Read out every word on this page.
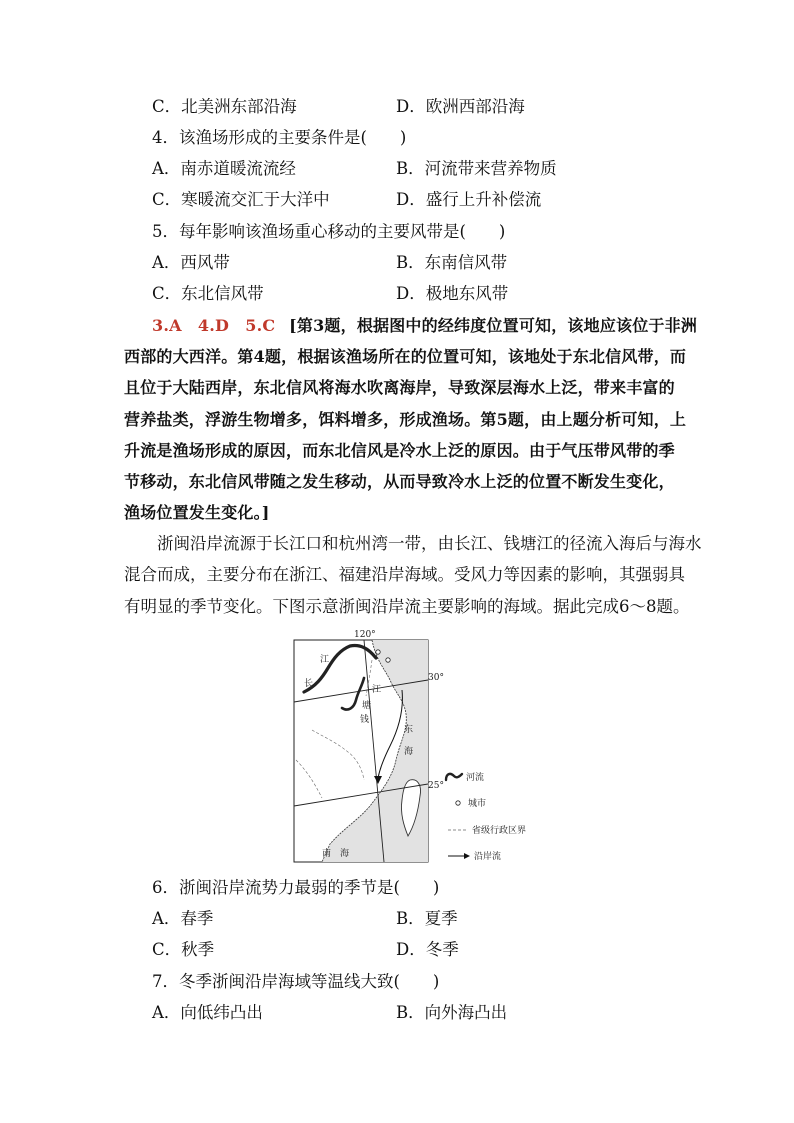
C．北美洲东部沿海	D．欧洲西部沿海
4．该渔场形成的主要条件是(　　)
A．南赤道暖流流经	B．河流带来营养物质
C．寒暖流交汇于大洋中	D．盛行上升补偿流
5．每年影响该渔场重心移动的主要风带是(　　)
A．西风带	B．东南信风带
C．东北信风带	D．极地东风带
3.A　4.D　5.C [第3题，根据图中的经纬度位置可知，该地应该位于非洲
西部的大西洋。第4题，根据该渔场所在的位置可知，该地处于东北信风带，而
且位于大陆西岸，东北信风将海水吹离海岸，导致深层海水上泛，带来丰富的
营养盐类，浮游生物增多，饵料增多，形成渔场。第5题，由上题分析可知，上
升流是渔场形成的原因，而东北信风是冷水上泛的原因。由于气压带风带的季
节移动，东北信风带随之发生移动，从而导致冷水上泛的位置不断发生变化，
渔场位置发生变化。]
　　浙闽沿岸流源于长江口和杭州湾一带，由长江、钱塘江的径流入海后与海水
混合而成，主要分布在浙江、福建沿岸海域。受风力等因素的影响，其强弱具
有明显的季节变化。下图示意浙闽沿岸流主要影响的海域。据此完成6～8题。
120°
30°
25°
江
长
江
塘
钱
东
海
南　海
河流
城市
省级行政区界
沿岸流
6．浙闽沿岸流势力最弱的季节是(　　)
A．春季	B．夏季
C．秋季	D．冬季
7．冬季浙闽沿岸海域等温线大致(　　)
A．向低纬凸出	B．向外海凸出
